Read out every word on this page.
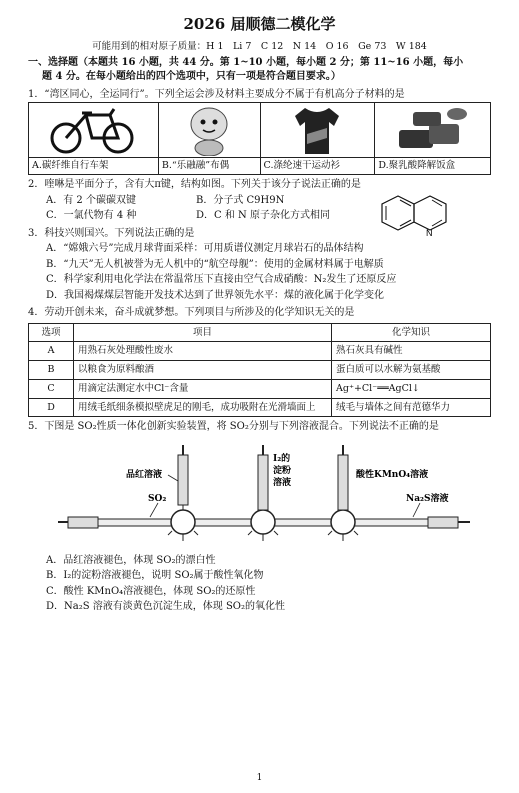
2026 届顺德二模化学
可能用到的相对原子质量：H 1　Li 7　C 12　N 14　O 16　Ge 73　W 184
一、选择题（本题共 16 小题，共 44 分。第 1~10 小题，每小题 2 分；第 11~16 小题，每小
题 4 分。在每小题给出的四个选项中，只有一项是符合题目要求。）
1．“湾区同心，全运同行”。下列全运会涉及材料主要成分不属于有机高分子材料的是
A.碳纤维自行车架	B.“乐融融”布偶	C.涤纶速干运动衫	D.聚乳酸降解饭盒
2．喹啉是平面分子，含有大π键，结构如图。下列关于该分子说法正确的是
A．有 2 个碳碳双键	B．分子式 C9H9N
C．一氯代物有 4 种	D．C 和 N 原子杂化方式相同
N
3．科技兴则国兴。下列说法正确的是
A．“嫦娥六号”完成月球背面采样：可用质谱仪测定月球岩石的晶体结构
B．“九天”无人机被誉为无人机中的“航空母舰”：使用的金属材料属于电解质
C．科学家利用电化学法在常温常压下直接由空气合成硝酸：N₂发生了还原反应
D．我国褐煤煤层智能开发技术达到了世界领先水平：煤的液化属于化学变化
4．劳动开创未来，奋斗成就梦想。下列项目与所涉及的化学知识无关的是
选项	项目	化学知识
A	用熟石灰处理酸性废水	熟石灰具有碱性
B	以粮食为原料酿酒	蛋白质可以水解为氨基酸
C	用滴定法测定水中Cl⁻含量	Ag⁺+Cl⁻══AgCl↓
D	用绒毛纸细条模拟壁虎足的刚毛，成功吸附在光滑墙面上	绒毛与墙体之间有范德华力
5．下图是 SO₂性质一体化创新实验装置，将 SO₂分别与下列溶液混合。下列说法不正确的是
品红溶液
I₂的
淀粉
溶液
酸性KMnO₄溶液
SO₂	Na₂S溶液
A．品红溶液褪色，体现 SO₂的漂白性
B．I₂的淀粉溶液褪色，说明 SO₂属于酸性氧化物
C．酸性 KMnO₄溶液褪色，体现 SO₂的还原性
D．Na₂S 溶液有淡黄色沉淀生成，体现 SO₂的氧化性
1
